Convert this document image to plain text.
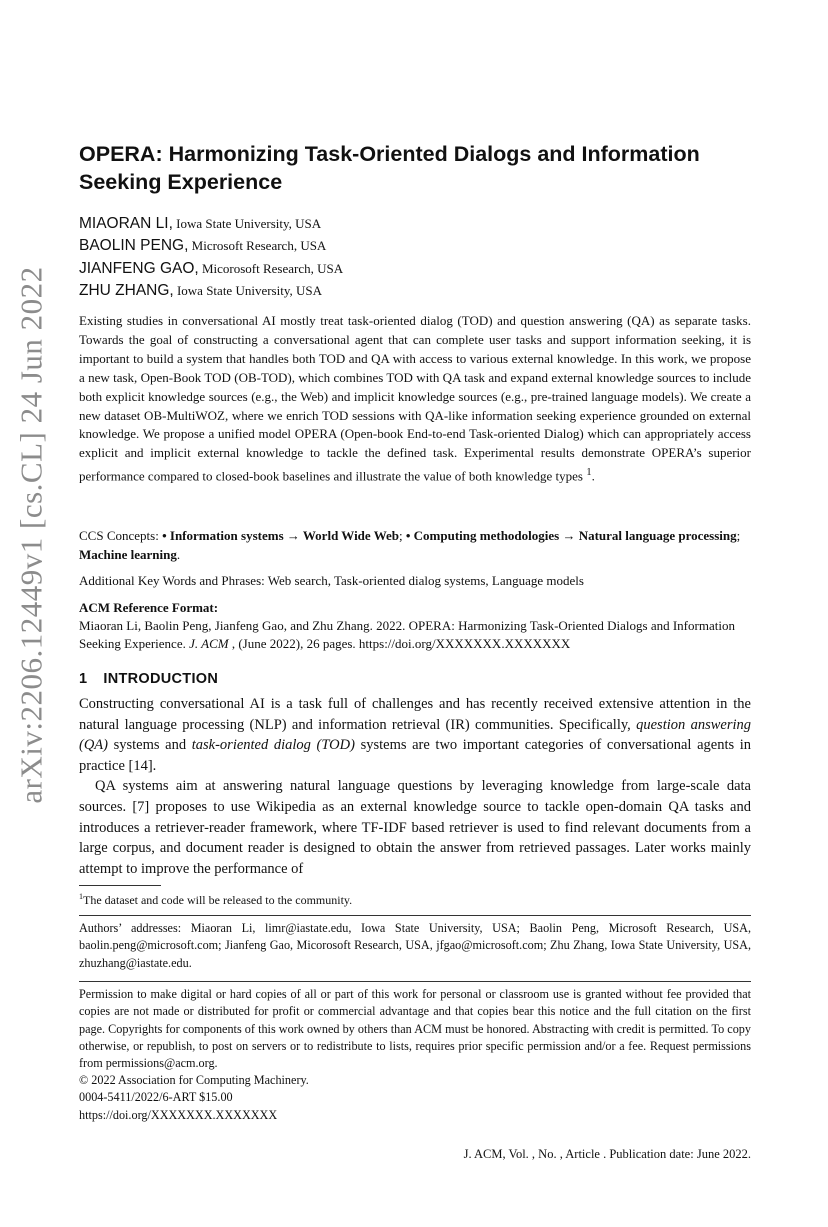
arXiv:2206.12449v1 [cs.CL] 24 Jun 2022
OPERA: Harmonizing Task-Oriented Dialogs and Information Seeking Experience
MIAORAN LI, Iowa State University, USA
BAOLIN PENG, Microsoft Research, USA
JIANFENG GAO, Micorosoft Research, USA
ZHU ZHANG, Iowa State University, USA
Existing studies in conversational AI mostly treat task-oriented dialog (TOD) and question answering (QA) as separate tasks. Towards the goal of constructing a conversational agent that can complete user tasks and support information seeking, it is important to build a system that handles both TOD and QA with access to various external knowledge. In this work, we propose a new task, Open-Book TOD (OB-TOD), which combines TOD with QA task and expand external knowledge sources to include both explicit knowledge sources (e.g., the Web) and implicit knowledge sources (e.g., pre-trained language models). We create a new dataset OB-MultiWOZ, where we enrich TOD sessions with QA-like information seeking experience grounded on external knowledge. We propose a unified model OPERA (Open-book End-to-end Task-oriented Dialog) which can appropriately access explicit and implicit external knowledge to tackle the defined task. Experimental results demonstrate OPERA’s superior performance compared to closed-book baselines and illustrate the value of both knowledge types $^1$.
CCS Concepts: • Information systems → World Wide Web; • Computing methodologies → Natural language processing; Machine learning.
Additional Key Words and Phrases: Web search, Task-oriented dialog systems, Language models
ACM Reference Format:
Miaoran Li, Baolin Peng, Jianfeng Gao, and Zhu Zhang. 2022. OPERA: Harmonizing Task-Oriented Dialogs and Information Seeking Experience. J. ACM , (June 2022), 26 pages. https://doi.org/XXXXXXX.XXXXXXX
1 INTRODUCTION

Constructing conversational AI is a task full of challenges and has recently received extensive attention in the natural language processing (NLP) and information retrieval (IR) communities. Specifically, question answering (QA) systems and task-oriented dialog (TOD) systems are two important categories of conversational agents in practice [14].

QA systems aim at answering natural language questions by leveraging knowledge from large-scale data sources. [7] proposes to use Wikipedia as an external knowledge source to tackle open-domain QA tasks and introduces a retriever-reader framework, where TF-IDF based retriever is used to find relevant documents from a large corpus, and document reader is designed to obtain the answer from retrieved passages. Later works mainly attempt to improve the performance of

$^1$The dataset and code will be released to the community.
Authors’ addresses: Miaoran Li, limr@iastate.edu, Iowa State University, USA; Baolin Peng, Microsoft Research, USA, baolin.peng@microsoft.com; Jianfeng Gao, Micorosoft Research, USA, jfgao@microsoft.com; Zhu Zhang, Iowa State University, USA, zhuzhang@iastate.edu.
Permission to make digital or hard copies of all or part of this work for personal or classroom use is granted without fee provided that copies are not made or distributed for profit or commercial advantage and that copies bear this notice and the full citation on the first page. Copyrights for components of this work owned by others than ACM must be honored. Abstracting with credit is permitted. To copy otherwise, or republish, to post on servers or to redistribute to lists, requires prior specific permission and/or a fee. Request permissions from permissions@acm.org.
© 2022 Association for Computing Machinery.
0004-5411/2022/6-ART $15.00
https://doi.org/XXXXXXX.XXXXXXX
J. ACM, Vol. , No. , Article . Publication date: June 2022.
